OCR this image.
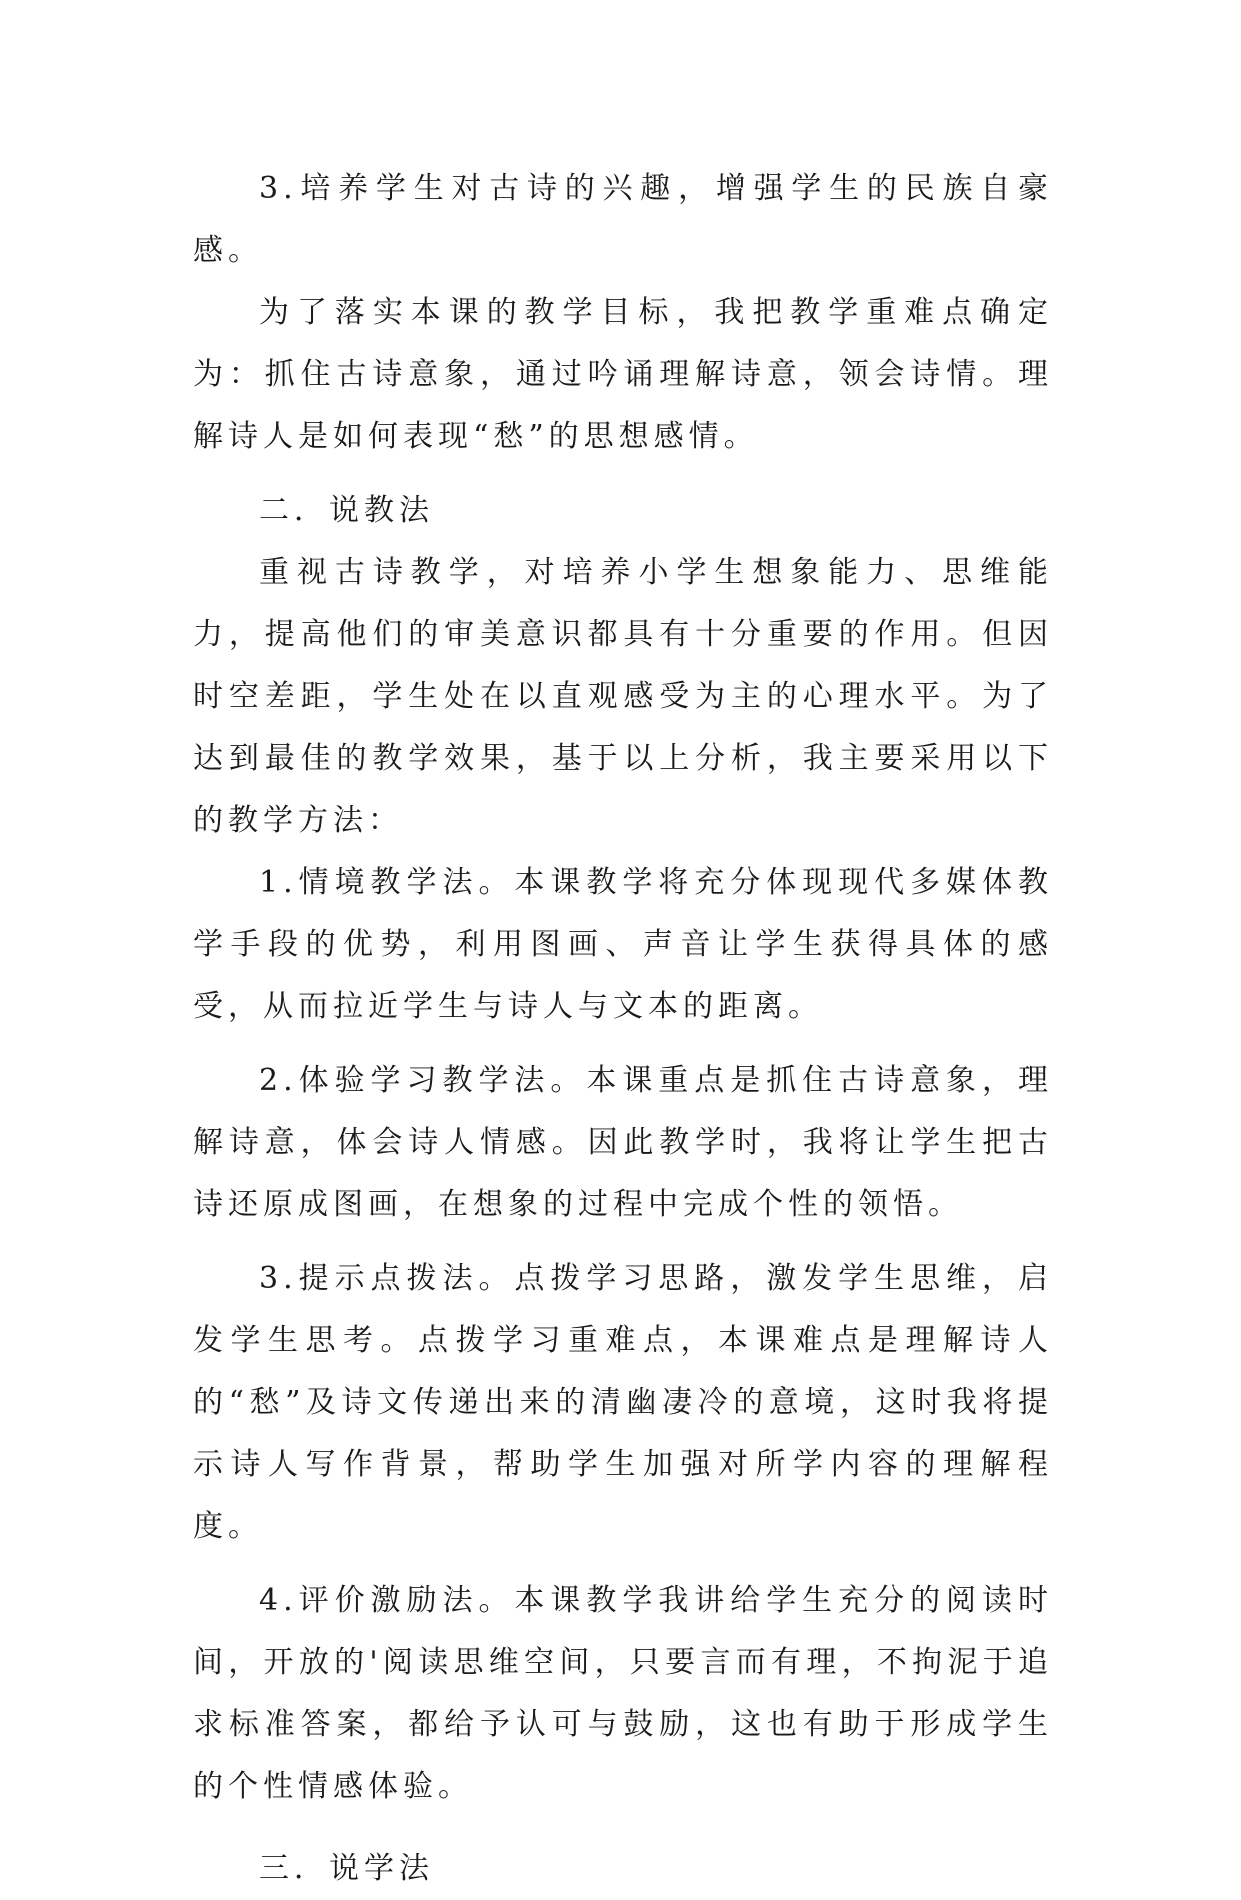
3.培养学生对古诗的兴趣，增强学生的民族自豪感。

为了落实本课的教学目标，我把教学重难点确定为：抓住古诗意象，通过吟诵理解诗意，领会诗情。理解诗人是如何表现“愁”的思想感情。

二．说教法

重视古诗教学，对培养小学生想象能力、思维能力，提高他们的审美意识都具有十分重要的作用。但因时空差距，学生处在以直观感受为主的心理水平。为了达到最佳的教学效果，基于以上分析，我主要采用以下的教学方法：

1.情境教学法。本课教学将充分体现现代多媒体教学手段的优势，利用图画、声音让学生获得具体的感受，从而拉近学生与诗人与文本的距离。

2.体验学习教学法。本课重点是抓住古诗意象，理解诗意，体会诗人情感。因此教学时，我将让学生把古诗还原成图画，在想象的过程中完成个性的领悟。

3.提示点拨法。点拨学习思路，激发学生思维，启发学生思考。点拨学习重难点，本课难点是理解诗人的“愁”及诗文传递出来的清幽凄冷的意境，这时我将提示诗人写作背景，帮助学生加强对所学内容的理解程度。

4.评价激励法。本课教学我讲给学生充分的阅读时间，开放的'阅读思维空间，只要言而有理，不拘泥于追求标准答案，都给予认可与鼓励，这也有助于形成学生的个性情感体验。

三．说学法
